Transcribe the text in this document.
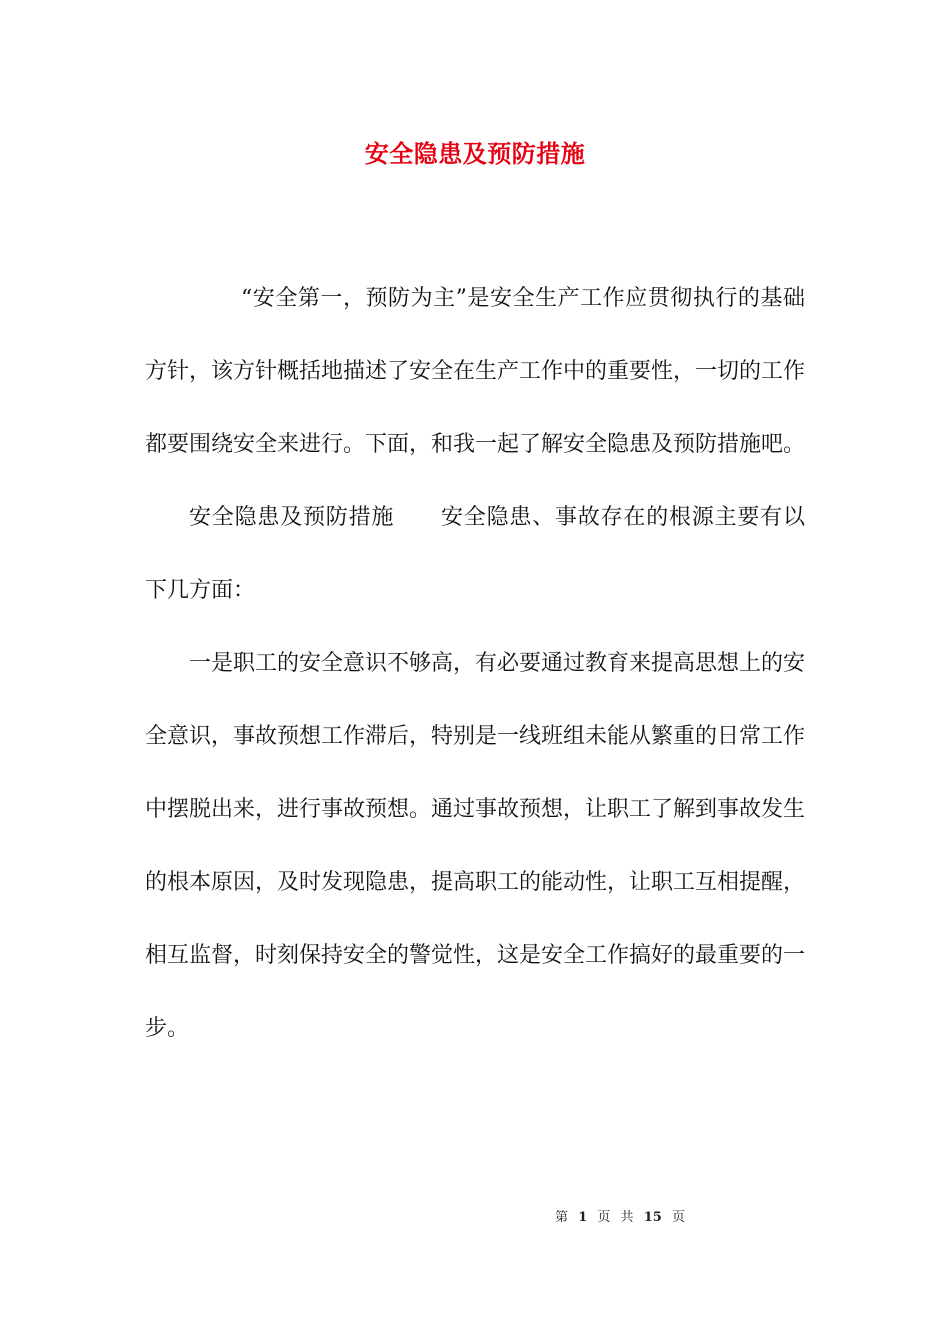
安全隐患及预防措施

“安全第一，预防为主”是安全生产工作应贯彻执行的基础方针，该方针概括地描述了安全在生产工作中的重要性，一切的工作都要围绕安全来进行。下面，和我一起了解安全隐患及预防措施吧。

安全隐患及预防措施 安全隐患、事故存在的根源主要有以下几方面：

一是职工的安全意识不够高，有必要通过教育来提高思想上的安全意识，事故预想工作滞后，特别是一线班组未能从繁重的日常工作中摆脱出来，进行事故预想。通过事故预想，让职工了解到事故发生的根本原因，及时发现隐患，提高职工的能动性，让职工互相提醒，相互监督，时刻保持安全的警觉性，这是安全工作搞好的最重要的一步。

第 1 页 共 15 页
